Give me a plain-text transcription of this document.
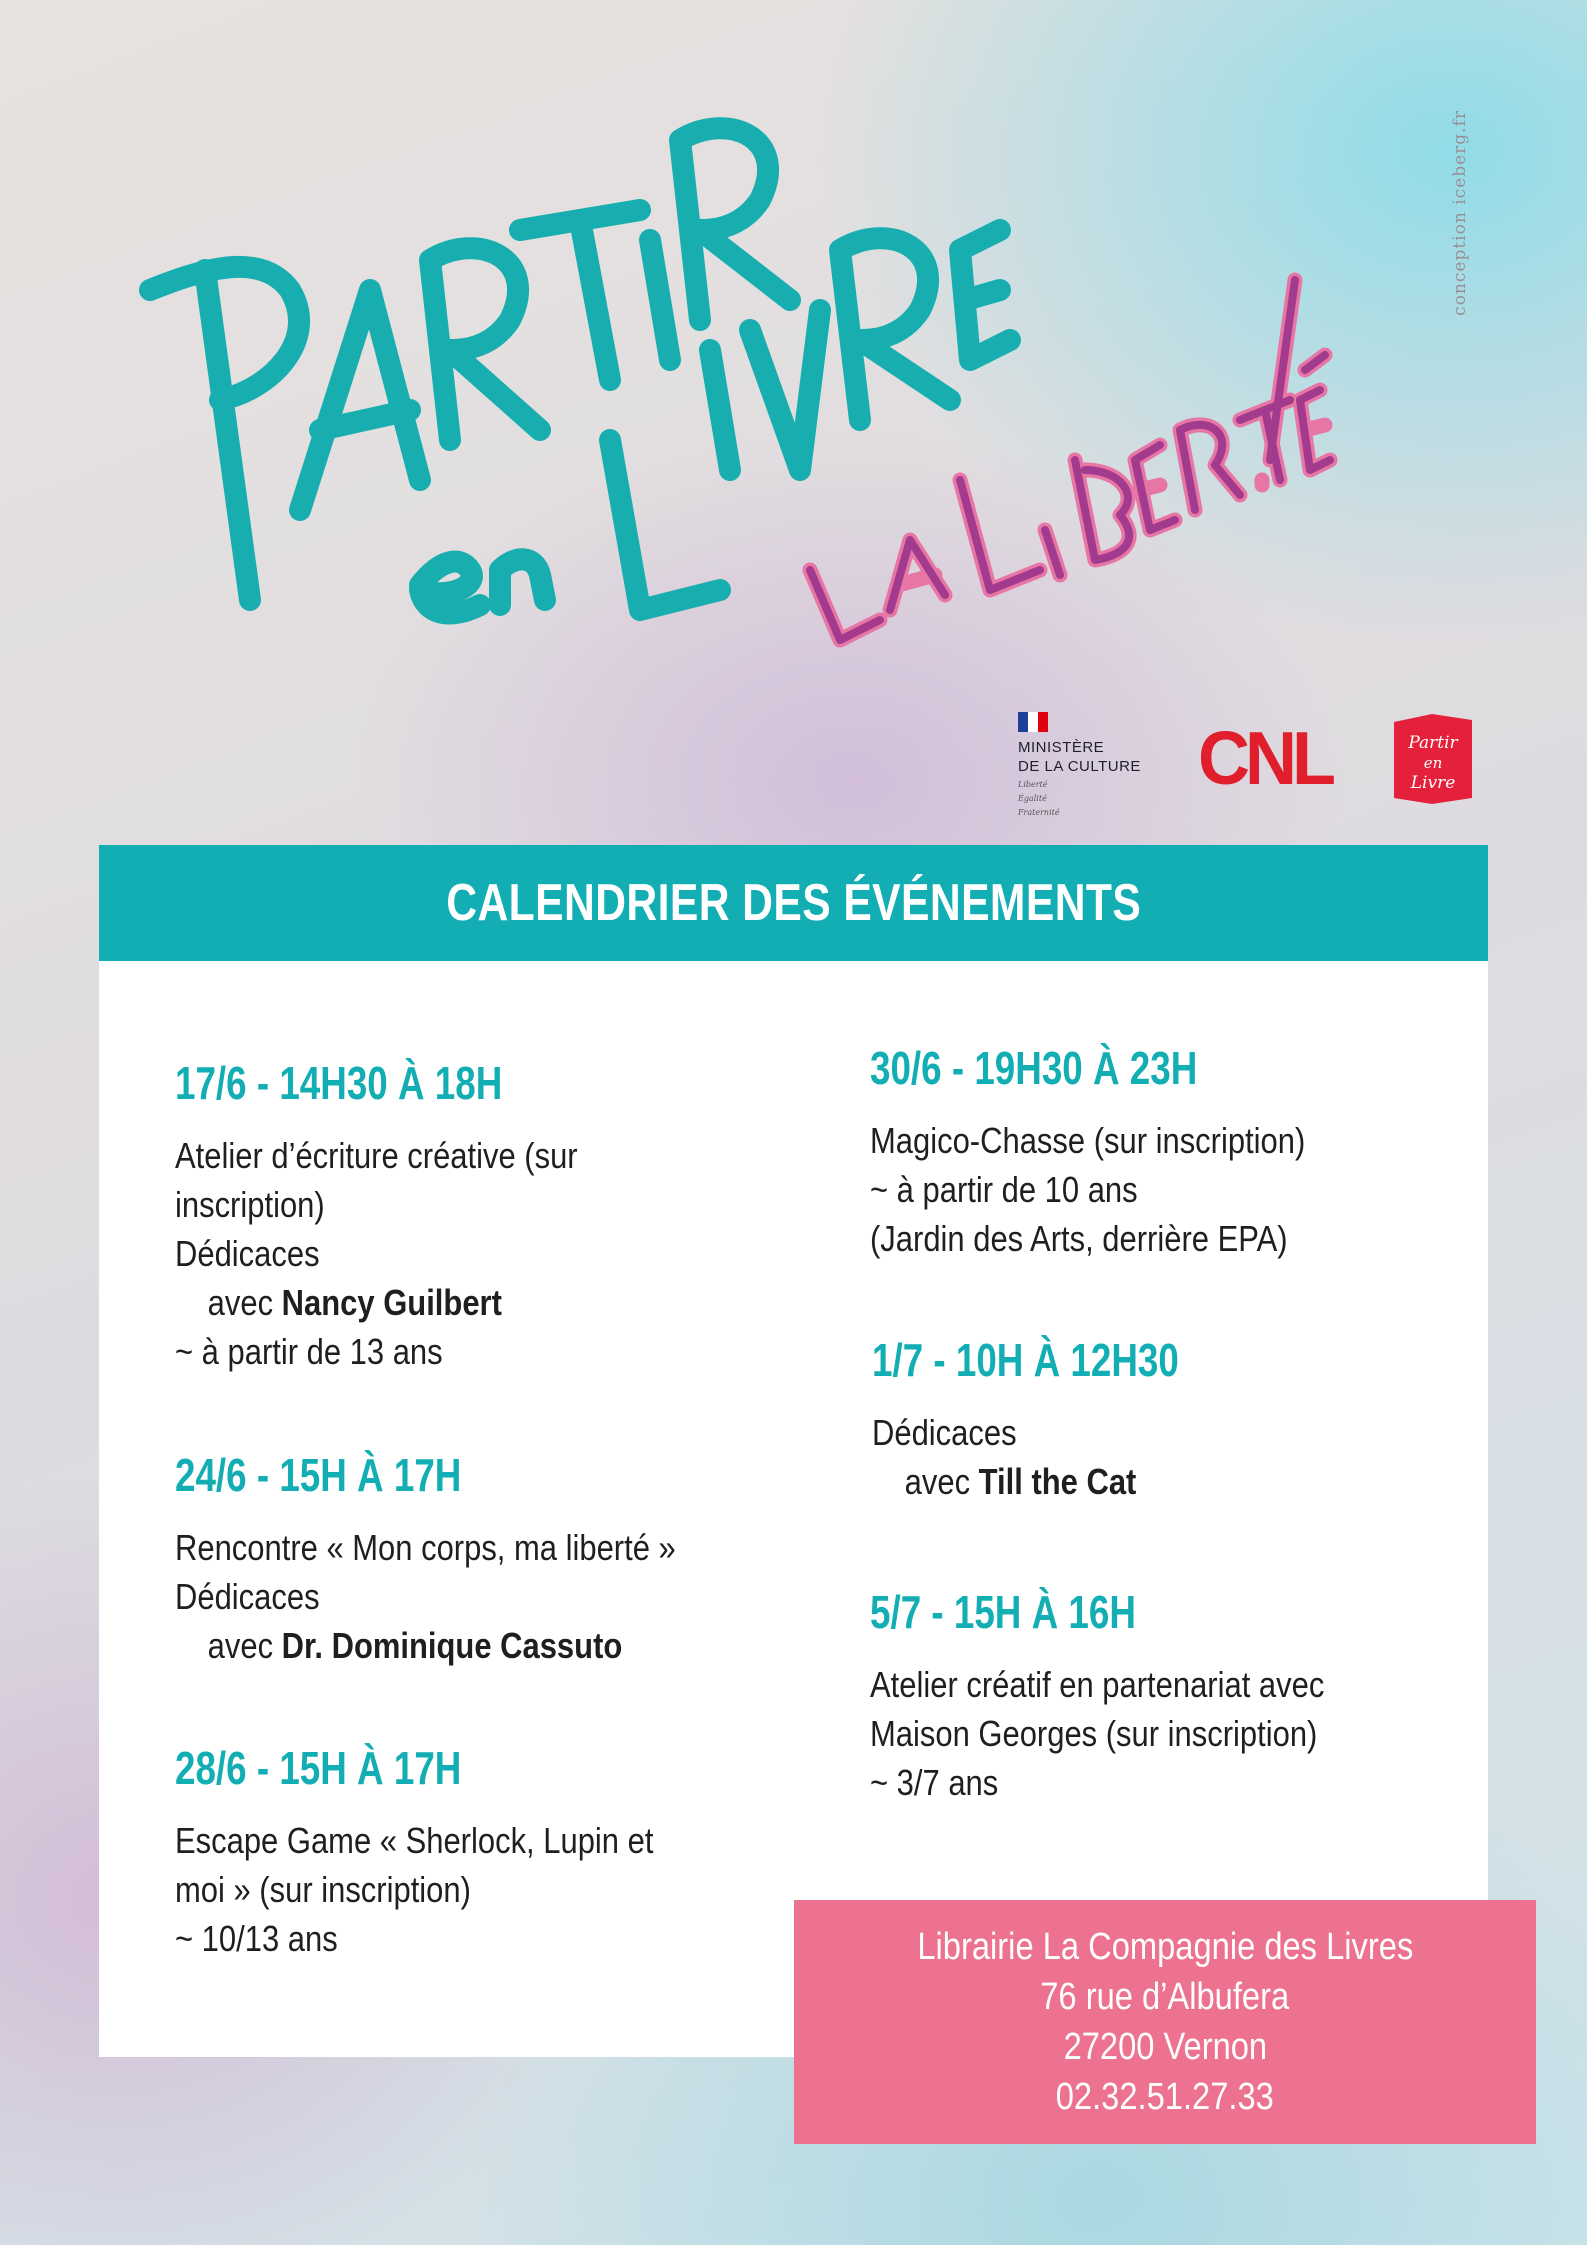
conception iceberg.fr
MINISTÈRE
DE LA CULTURE
Liberté
Égalité
Fraternité
CNL	Partir
en
Livre
CALENDRIER DES ÉVÉNEMENTS
17/6 - 14H30 À 18H
Atelier d’écriture créative (sur
inscription)
Dédicaces
avec Nancy Guilbert
~ à partir de 13 ans
24/6 - 15H À 17H
Rencontre « Mon corps, ma liberté »
Dédicaces
avec Dr. Dominique Cassuto
28/6 - 15H À 17H
Escape Game « Sherlock, Lupin et
moi » (sur inscription)
~ 10/13 ans
30/6 - 19H30 À 23H
Magico-Chasse (sur inscription)
~ à partir de 10 ans
(Jardin des Arts, derrière EPA)
1/7 - 10H À 12H30
Dédicaces
avec Till the Cat
5/7 - 15H À 16H
Atelier créatif en partenariat avec
Maison Georges (sur inscription)
~ 3/7 ans
Librairie La Compagnie des Livres
76 rue d’Albufera
27200 Vernon
02.32.51.27.33
